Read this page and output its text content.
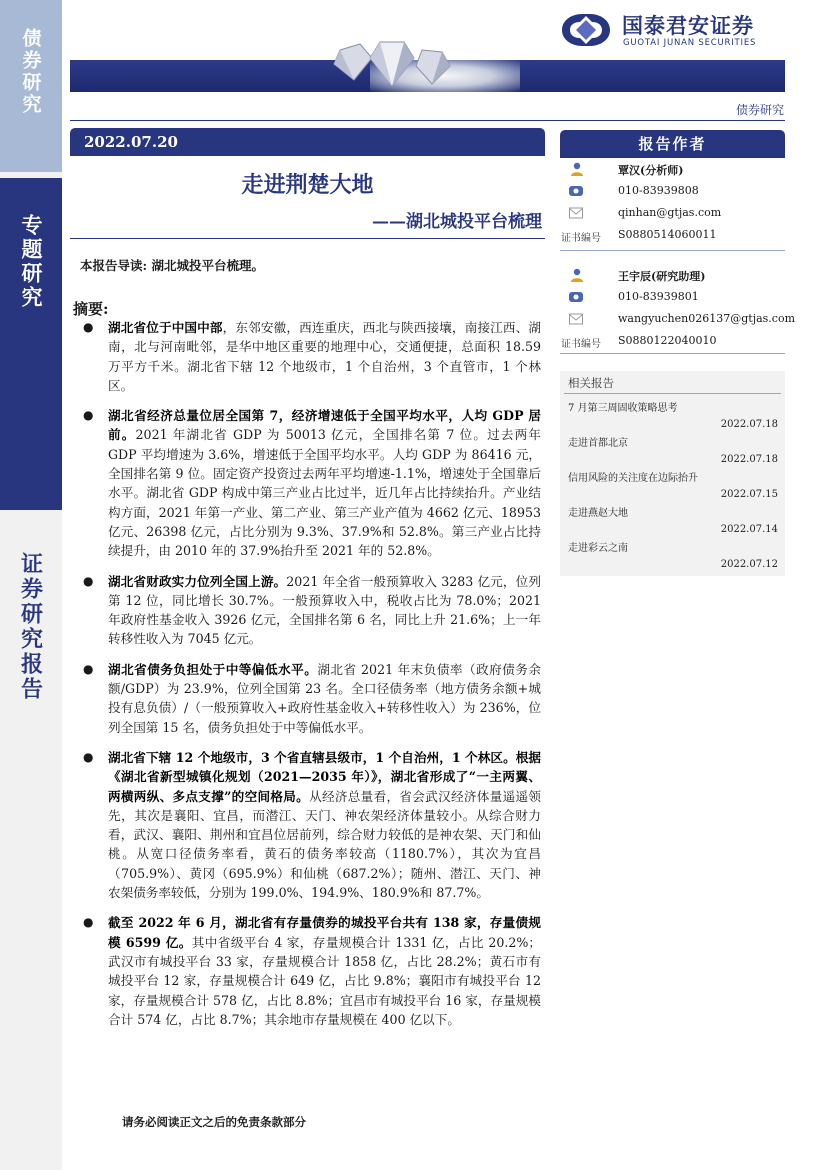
债券研究
专题研究
证券研究报告
国泰君安证券
GUOTAI JUNAN SECURITIES
债券研究
2022.07.20
走进荆楚大地
——湖北城投平台梳理
本报告导读: 湖北城投平台梳理。
摘要:
● 湖北省位于中国中部，东邻安徽，西连重庆，西北与陕西接壤，南接江西、湖南，北与河南毗邻，是华中地区重要的地理中心，交通便捷，总面积 18.59 万平方千米。湖北省下辖 12 个地级市，1 个自治州，3 个直管市，1 个林区。
● 湖北省经济总量位居全国第 7，经济增速低于全国平均水平，人均 GDP 居前。2021 年湖北省 GDP 为 50013 亿元，全国排名第 7 位。过去两年 GDP 平均增速为 3.6%，增速低于全国平均水平。人均 GDP 为 86416 元，全国排名第 9 位。固定资产投资过去两年平均增速-1.1%，增速处于全国靠后水平。湖北省 GDP 构成中第三产业占比过半，近几年占比持续抬升。产业结构方面，2021 年第一产业、第二产业、第三产业产值为 4662 亿元、18953 亿元、26398 亿元，占比分别为 9.3%、37.9%和 52.8%。第三产业占比持续提升，由 2010 年的 37.9%抬升至 2021 年的 52.8%。
● 湖北省财政实力位列全国上游。2021 年全省一般预算收入 3283 亿元，位列第 12 位，同比增长 30.7%。一般预算收入中，税收占比为 78.0%；2021 年政府性基金收入 3926 亿元，全国排名第 6 名，同比上升 21.6%；上一年转移性收入为 7045 亿元。
● 湖北省债务负担处于中等偏低水平。湖北省 2021 年末负债率（政府债务余额/GDP）为 23.9%，位列全国第 23 名。全口径债务率（地方债务余额+城投有息负债）/（一般预算收入+政府性基金收入+转移性收入）为 236%，位列全国第 15 名，债务负担处于中等偏低水平。
● 湖北省下辖 12 个地级市，3 个省直辖县级市，1 个自治州，1 个林区。根据《湖北省新型城镇化规划（2021—2035 年）》，湖北省形成了“一主两翼、两横两纵、多点支撑”的空间格局。从经济总量看，省会武汉经济体量遥遥领先，其次是襄阳、宜昌，而潜江、天门、神农架经济体量较小。从综合财力看，武汉、襄阳、荆州和宜昌位居前列，综合财力较低的是神农架、天门和仙桃。从宽口径债务率看，黄石的债务率较高（1180.7%），其次为宜昌（705.9%）、黄冈（695.9%）和仙桃（687.2%）；随州、潜江、天门、神农架债务率较低，分别为 199.0%、194.9%、180.9%和 87.7%。
● 截至 2022 年 6 月，湖北省有存量债券的城投平台共有 138 家，存量债规模 6599 亿。其中省级平台 4 家，存量规模合计 1331 亿，占比 20.2%；武汉市有城投平台 33 家，存量规模合计 1858 亿，占比 28.2%；黄石市有城投平台 12 家，存量规模合计 649 亿，占比 9.8%；襄阳市有城投平台 12 家，存量规模合计 578 亿，占比 8.8%；宜昌市有城投平台 16 家，存量规模合计 574 亿，占比 8.7%；其余地市存量规模在 400 亿以下。
请务必阅读正文之后的免责条款部分
报告作者
覃汉(分析师)
010-83939808
qinhan@gtjas.com
证书编号 S0880514060011
王宇辰(研究助理)
010-83939801
wangyuchen026137@gtjas.com
证书编号 S0880122040010
相关报告
7 月第三周固收策略思考
2022.07.18
走进首都北京
2022.07.18
信用风险的关注度在边际抬升
2022.07.15
走进燕赵大地
2022.07.14
走进彩云之南
2022.07.12
